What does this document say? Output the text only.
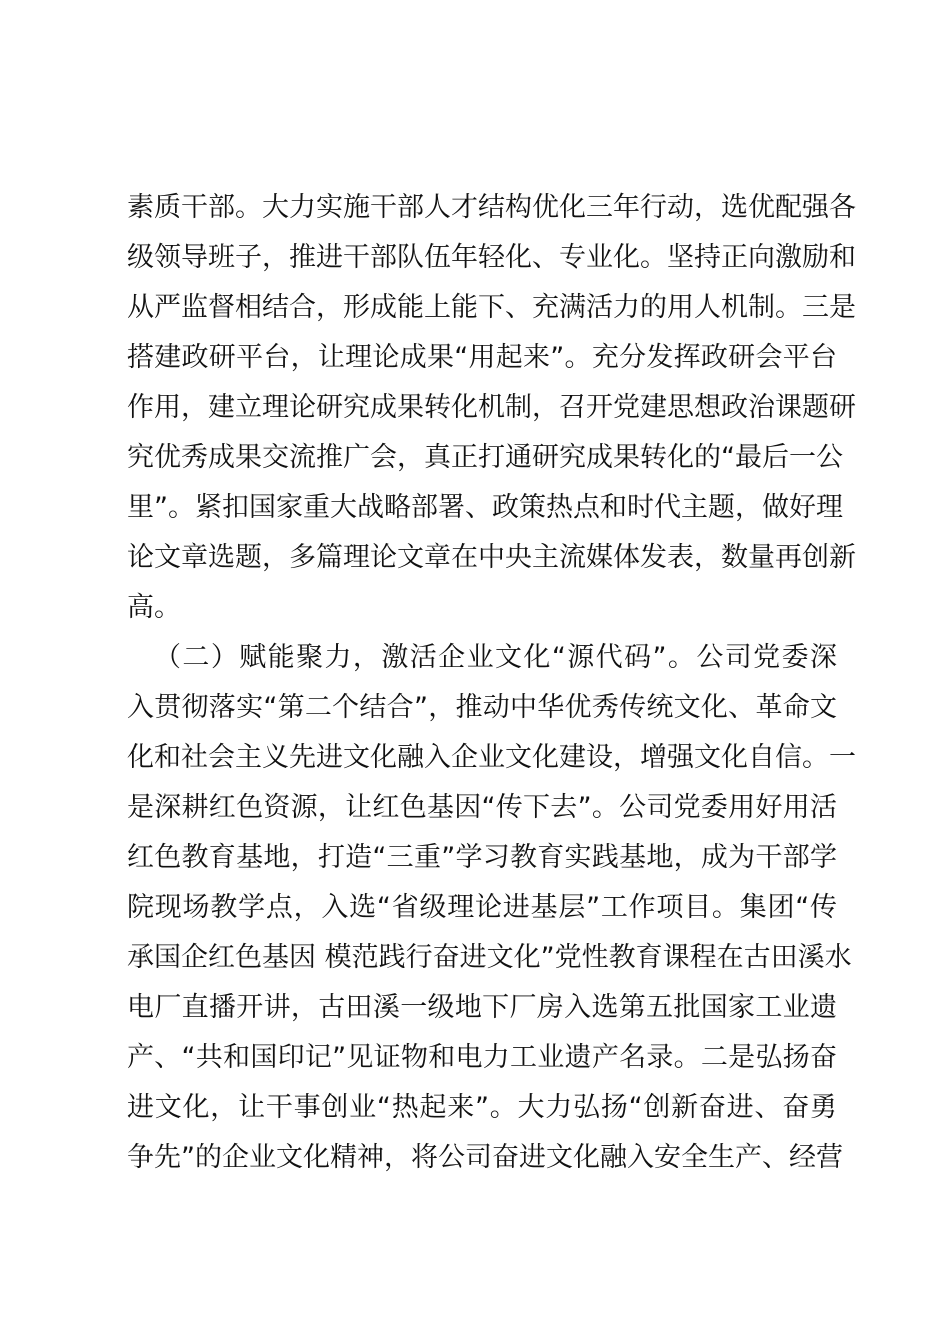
素质干部。大力实施干部人才结构优化三年行动，选优配强各
级领导班子，推进干部队伍年轻化、专业化。坚持正向激励和
从严监督相结合，形成能上能下、充满活力的用人机制。三是
搭建政研平台，让理论成果“用起来”。充分发挥政研会平台
作用，建立理论研究成果转化机制，召开党建思想政治课题研
究优秀成果交流推广会，真正打通研究成果转化的“最后一公
里”。紧扣国家重大战略部署、政策热点和时代主题，做好理
论文章选题，多篇理论文章在中央主流媒体发表，数量再创新
高。
（二）赋能聚力，激活企业文化“源代码”。公司党委深
入贯彻落实“第二个结合”，推动中华优秀传统文化、革命文
化和社会主义先进文化融入企业文化建设，增强文化自信。一
是深耕红色资源，让红色基因“传下去”。公司党委用好用活
红色教育基地，打造“三重”学习教育实践基地，成为干部学
院现场教学点，入选“省级理论进基层”工作项目。集团“传
承国企红色基因 模范践行奋进文化”党性教育课程在古田溪水
电厂直播开讲，古田溪一级地下厂房入选第五批国家工业遗
产、“共和国印记”见证物和电力工业遗产名录。二是弘扬奋
进文化，让干事创业“热起来”。大力弘扬“创新奋进、奋勇
争先”的企业文化精神，将公司奋进文化融入安全生产、经营
